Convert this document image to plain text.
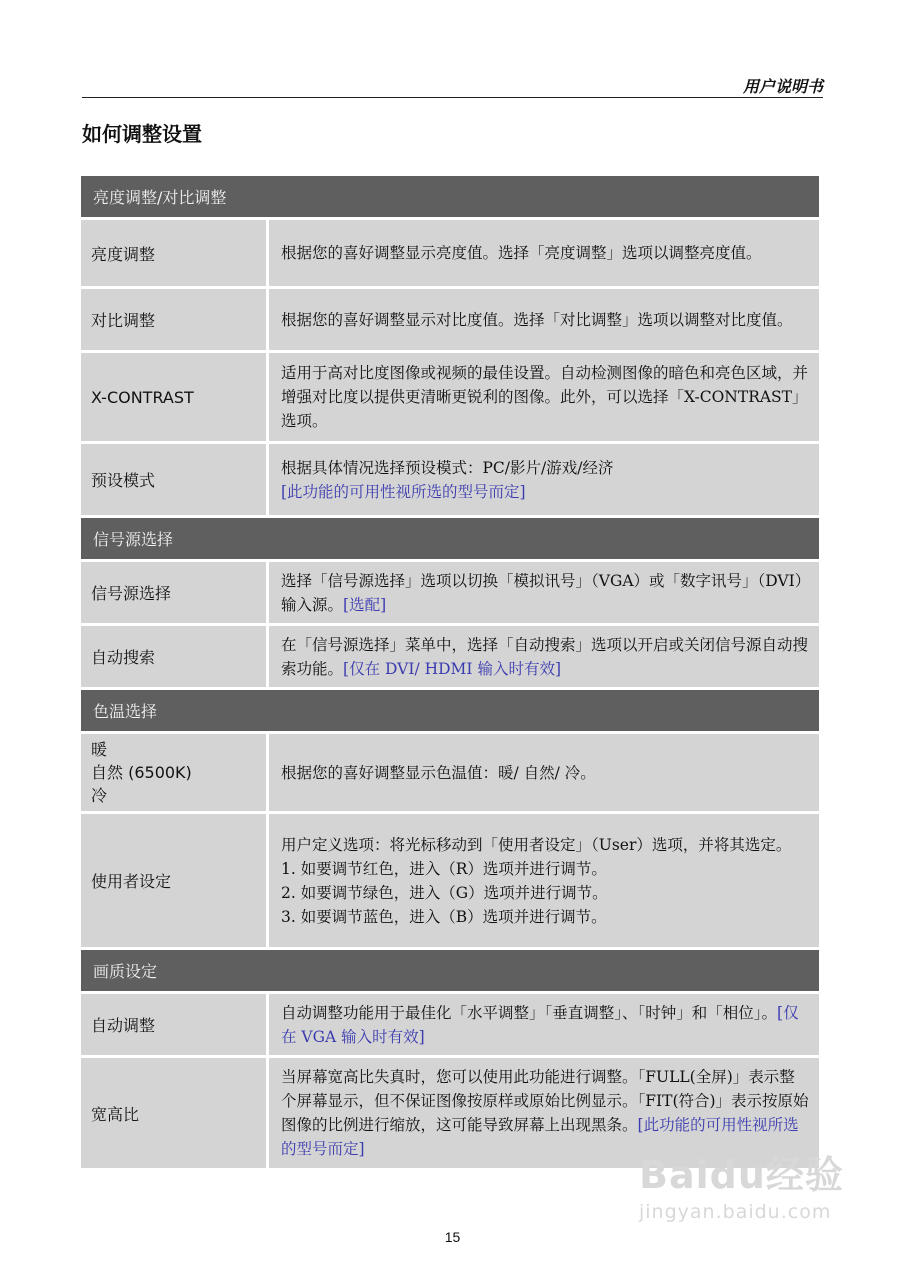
用户说明书
如何调整设置
亮度调整/对比调整
亮度调整	根据您的喜好调整显示亮度值。选择「亮度调整」选项以调整亮度值。
对比调整	根据您的喜好调整显示对比度值。选择「对比调整」选项以调整对比度值。
X-CONTRAST
适用于高对比度图像或视频的最佳设置。自动检测图像的暗色和亮色区域，并增强对比度以提供更清晰更锐利的图像。此外，可以选择「X-CONTRAST」选项。
预设模式
根据具体情况选择预设模式：PC/影片/游戏/经济
[此功能的可用性视所选的型号而定]
信号源选择
信号源选择
选择「信号源选择」选项以切换「模拟讯号」（VGA）或「数字讯号」（DVI）输入源。[选配]
自动搜索
在「信号源选择」菜单中，选择「自动搜索」选项以开启或关闭信号源自动搜索功能。[仅在 DVI/ HDMI 输入时有效]
色温选择
暖
自然 (6500K)
冷
根据您的喜好调整显示色温值：暖/ 自然/ 冷。
使用者设定
用户定义选项：将光标移动到「使用者设定」（User）选项，并将其选定。
1. 如要调节红色，进入（R）选项并进行调节。
2. 如要调节绿色，进入（G）选项并进行调节。
3. 如要调节蓝色，进入（B）选项并进行调节。
画质设定
自动调整
自动调整功能用于最佳化「水平调整」「垂直调整」、「时钟」和「相位」。[仅在 VGA 输入时有效]
宽高比
当屏幕宽高比失真时，您可以使用此功能进行调整。「FULL(全屏)」表示整个屏幕显示，但不保证图像按原样或原始比例显示。「FIT(符合)」表示按原始图像的比例进行缩放，这可能导致屏幕上出现黑条。[此功能的可用性视所选的型号而定]
Baidu经验
jingyan.baidu.com
15
